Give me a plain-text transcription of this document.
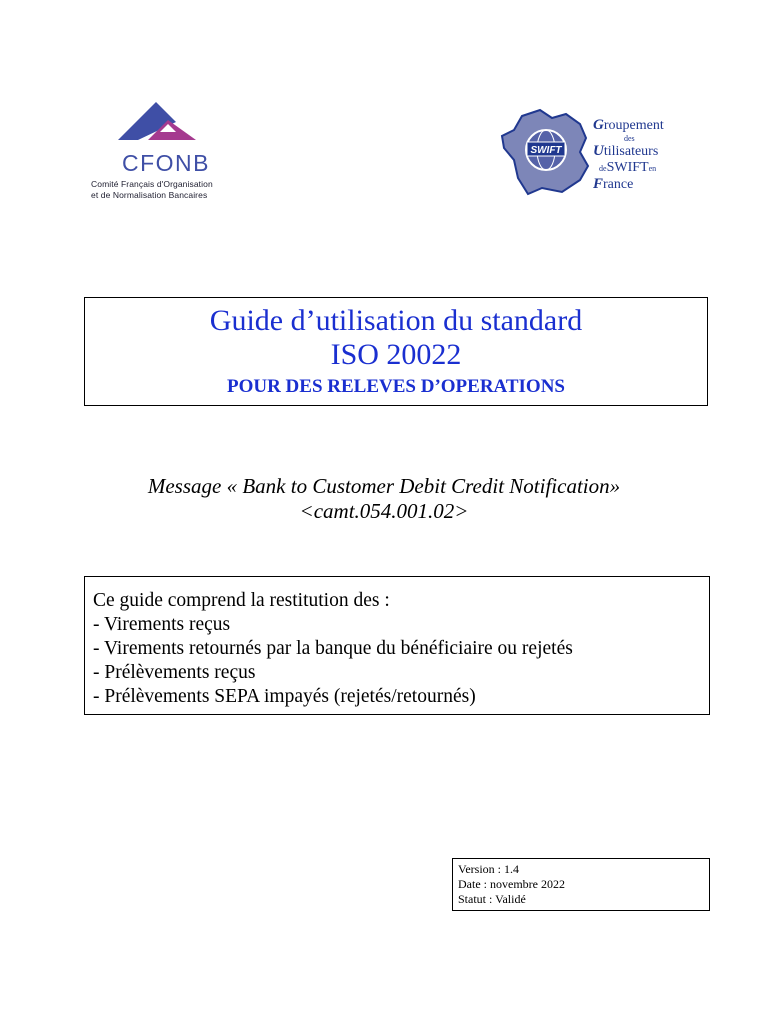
CFONB
Comité Français d'Organisation
et de Normalisation Bancaires
SWIFT
Groupement
des
Utilisateurs
deSWIFTen
France
Guide d’utilisation du standard
ISO 20022
POUR DES RELEVES D’OPERATIONS
Message « Bank to Customer Debit Credit Notification»
<camt.054.001.02>
Ce guide comprend la restitution des :
- Virements reçus
- Virements retournés par la banque du bénéficiaire ou rejetés
- Prélèvements reçus
- Prélèvements SEPA impayés (rejetés/retournés)
Version : 1.4
Date : novembre 2022
Statut : Validé
